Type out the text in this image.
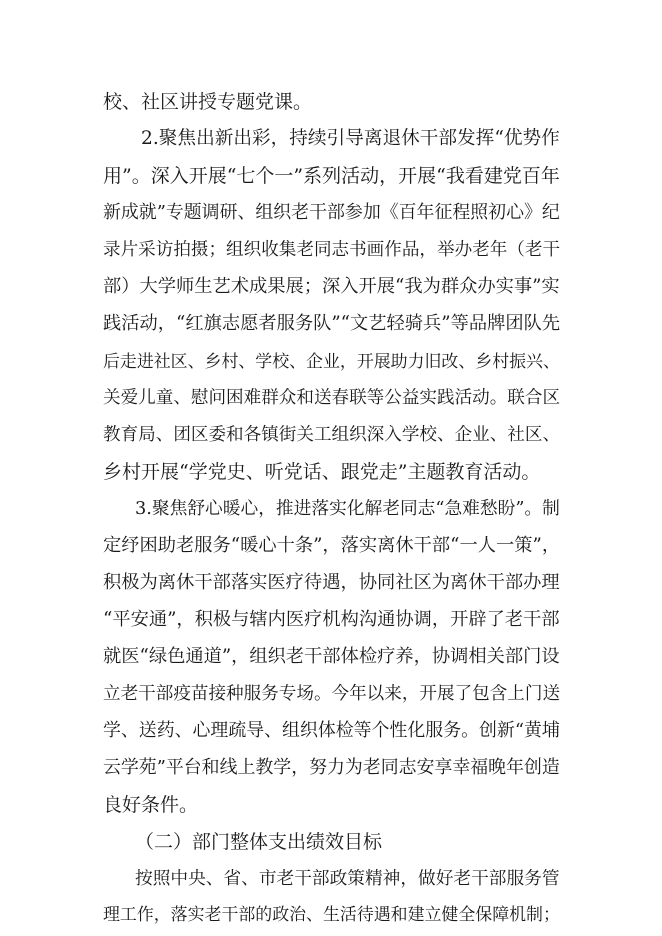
校、社区讲授专题党课。
2.聚焦出新出彩，持续引导离退休干部发挥“优势作
用”。深入开展“七个一”系列活动，开展“我看建党百年
新成就”专题调研、组织老干部参加《百年征程照初心》纪
录片采访拍摄；组织收集老同志书画作品，举办老年（老干
部）大学师生艺术成果展；深入开展“我为群众办实事”实
践活动，“红旗志愿者服务队”“文艺轻骑兵”等品牌团队先
后走进社区、乡村、学校、企业，开展助力旧改、乡村振兴、
关爱儿童、慰问困难群众和送春联等公益实践活动。联合区
教育局、团区委和各镇街关工组织深入学校、企业、社区、
乡村开展“学党史、听党话、跟党走”主题教育活动。
3.聚焦舒心暖心，推进落实化解老同志“急难愁盼”。制
定纾困助老服务“暖心十条”，落实离休干部“一人一策”，
积极为离休干部落实医疗待遇，协同社区为离休干部办理
“平安通”，积极与辖内医疗机构沟通协调，开辟了老干部
就医“绿色通道”，组织老干部体检疗养，协调相关部门设
立老干部疫苗接种服务专场。今年以来，开展了包含上门送
学、送药、心理疏导、组织体检等个性化服务。创新“黄埔
云学苑”平台和线上教学，努力为老同志安享幸福晚年创造
良好条件。
（二）部门整体支出绩效目标
按照中央、省、市老干部政策精神，做好老干部服务管
理工作，落实老干部的政治、生活待遇和建立健全保障机制；
